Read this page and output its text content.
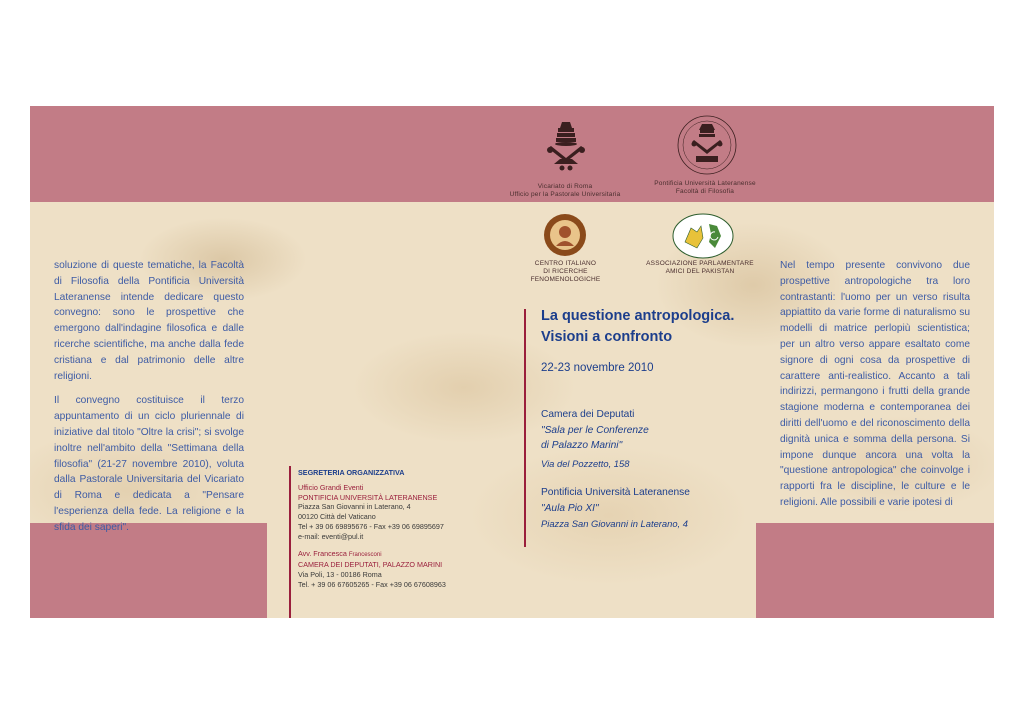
Vicariato di Roma
Ufficio per la Pastorale Universitaria
Pontificia Università Lateranense
Facoltà di Filosofia
CENTRO ITALIANO
DI RICERCHE FENOMENOLOGICHE
ASSOCIAZIONE PARLAMENTARE
AMICI DEL PAKISTAN

soluzione di queste tematiche, la Facoltà di Filosofia della Pontificia Università Lateranense intende dedicare questo convegno: sono le prospettive che emergono dall'indagine filosofica e dalle ricerche scientifiche, ma anche dalla fede cristiana e dal patrimonio delle altre religioni.

Il convegno costituisce il terzo appuntamento di un ciclo pluriennale di iniziative dal titolo "Oltre la crisi"; si svolge inoltre nell'ambito della "Settimana della filosofia" (21-27 novembre 2010), voluta dalla Pastorale Universitaria del Vicariato di Roma e dedicata a "Pensare l'esperienza della fede. La religione e la sfida dei saperi".

SEGRETERIA ORGANIZZATIVA
Ufficio Grandi Eventi
PONTIFICIA UNIVERSITÀ LATERANENSE
Piazza San Giovanni in Laterano, 4
00120 Città del Vaticano
Tel + 39 06 69895676 - Fax +39 06 69895697
e-mail: eventi@pul.it
Avv. Francesca Francesconi
CAMERA DEI DEPUTATI, PALAZZO MARINI
Via Poli, 13 - 00186 Roma
Tel. + 39 06 67605265 - Fax +39 06 67608963
La questione antropologica.
Visioni a confronto
22-23 novembre 2010
Camera dei Deputati
"Sala per le Conferenze
di Palazzo Marini"
Via del Pozzetto, 158
Pontificia Università Lateranense
"Aula Pio XI"
Piazza San Giovanni in Laterano, 4

Nel tempo presente convivono due prospettive antropologiche tra loro contrastanti: l'uomo per un verso risulta appiattito da varie forme di naturalismo su modelli di matrice perlopiù scientistica; per un altro verso appare esaltato come signore di ogni cosa da prospettive di carattere anti-realistico. Accanto a tali indirizzi, permangono i frutti della grande stagione moderna e contemporanea dei diritti dell'uomo e del riconoscimento della dignità unica e somma della persona. Si impone dunque ancora una volta la "questione antropologica" che coinvolge i rapporti fra le discipline, le culture e le religioni. Alle possibili e varie ipotesi di
